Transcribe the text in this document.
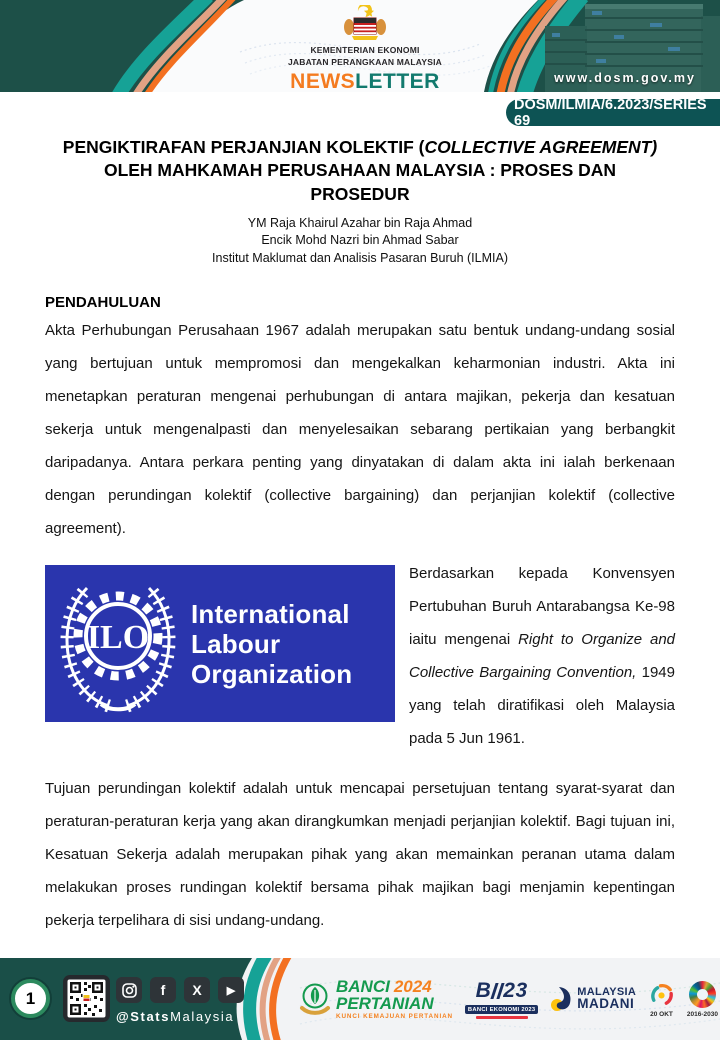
KEMENTERIAN EKONOMI
JABATAN PERANGKAAN MALAYSIA
NEWSLETTER	www.dosm.gov.my
DOSM/ILMIA/6.2023/SERIES 69
PENGIKTIRAFAN PERJANJIAN KOLEKTIF (COLLECTIVE AGREEMENT) OLEH MAHKAMAH PERUSAHAAN MALAYSIA : PROSES DAN PROSEDUR
YM Raja Khairul Azahar bin Raja Ahmad
Encik Mohd Nazri bin Ahmad Sabar
Institut Maklumat dan Analisis Pasaran Buruh (ILMIA)
PENDAHULUAN

Akta Perhubungan Perusahaan 1967 adalah merupakan satu bentuk undang-undang sosial yang bertujuan untuk mempromosi dan mengekalkan keharmonian industri. Akta ini menetapkan peraturan mengenai perhubungan di antara majikan, pekerja dan kesatuan sekerja untuk mengenalpasti dan menyelesaikan sebarang pertikaian yang berbangkit daripadanya. Antara perkara penting yang dinyatakan di dalam akta ini ialah berkenaan dengan perundingan kolektif (collective bargaining) dan perjanjian kolektif (collective agreement).

ILO
International
Labour
Organization

Berdasarkan kepada Konvensyen Pertubuhan Buruh Antarabangsa Ke-98 iaitu mengenai Right to Organize and Collective Bargaining Convention, 1949 yang telah diratifikasi oleh Malaysia pada 5 Jun 1961.

Tujuan perundingan kolektif adalah untuk mencapai persetujuan tentang syarat-syarat dan peraturan-peraturan kerja yang akan dirangkumkan menjadi perjanjian kolektif. Bagi tujuan ini, Kesatuan Sekerja adalah merupakan pihak yang akan memainkan peranan utama dalam melakukan proses rundingan kolektif bersama pihak majikan bagi menjamin kepentingan pekerja terpelihara di sisi undang-undang.

1	f	X	▶
@StatsMalaysia
BANCI 2024
PERTANIAN
KUNCI KEMAJUAN PERTANIAN
B 23
BANCI EKONOMI 2023
MALAYSIA
MADANI
20 OKT 2016-2030
